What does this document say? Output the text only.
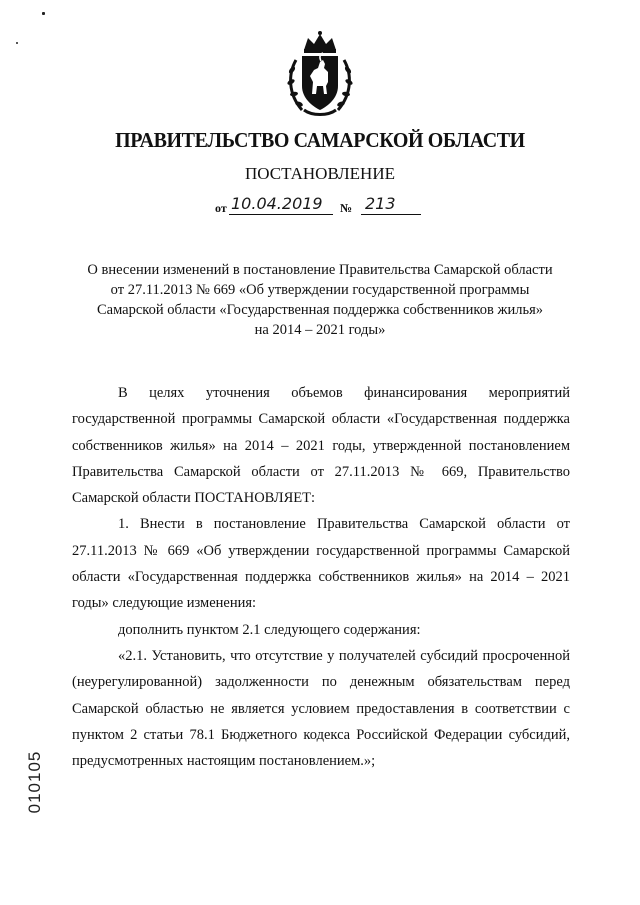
ПРАВИТЕЛЬСТВО САМАРСКОЙ ОБЛАСТИ
ПОСТАНОВЛЕНИЕ
от 10.04.2019 № 213
О внесении изменений в постановление Правительства Самарской области
от 27.11.2013 № 669 «Об утверждении государственной программы
Самарской области «Государственная поддержка собственников жилья»
на 2014 – 2021 годы»

В целях уточнения объемов финансирования мероприятий государственной программы Самарской области «Государственная поддержка собственников жилья» на 2014 – 2021 годы, утвержденной постановлением Правительства Самарской области от 27.11.2013 № 669, Правительство Самарской области ПОСТАНОВЛЯЕТ:

1. Внести в постановление Правительства Самарской области от 27.11.2013 № 669 «Об утверждении государственной программы Самарской области «Государственная поддержка собственников жилья» на 2014 – 2021 годы» следующие изменения:

дополнить пунктом 2.1 следующего содержания:

«2.1. Установить, что отсутствие у получателей субсидий просроченной (неурегулированной) задолженности по денежным обязательствам перед Самарской областью не является условием предоставления в соответствии с пунктом 2 статьи 78.1 Бюджетного кодекса Российской Федерации субсидий, предусмотренных настоящим постановлением.»;

010105
